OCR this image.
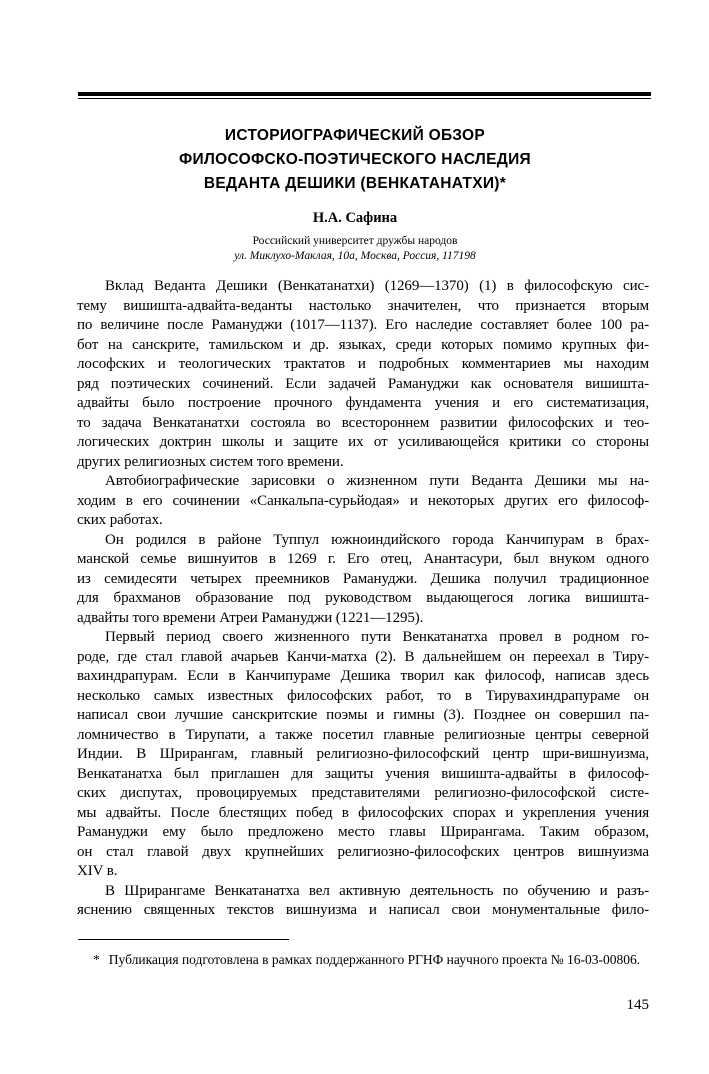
ИСТОРИОГРАФИЧЕСКИЙ ОБЗОР
ФИЛОСОФСКО-ПОЭТИЧЕСКОГО НАСЛЕДИЯ
ВЕДАНТА ДЕШИКИ (ВЕНКАТАНАТХИ)*
Н.А. Сафина
Российский университет дружбы народов
ул. Миклухо-Маклая, 10а, Москва, Россия, 117198
Вклад Веданта Дешики (Венкатанатхи) (1269—1370) (1) в философскую сис-
тему вишишта-адвайта-веданты настолько значителен, что признается вторым
по величине после Рамануджи (1017—1137). Его наследие составляет более 100 ра-
бот на санскрите, тамильском и др. языках, среди которых помимо крупных фи-
лософских и теологических трактатов и подробных комментариев мы находим
ряд поэтических сочинений. Если задачей Рамануджи как основателя вишишта-
адвайты было построение прочного фундамента учения и его систематизация,
то задача Венкатанатхи состояла во всестороннем развитии философских и тео-
логических доктрин школы и защите их от усиливающейся критики со стороны
других религиозных систем того времени.
Автобиографические зарисовки о жизненном пути Веданта Дешики мы на-
ходим в его сочинении «Санкальпа-сурьйодая» и некоторых других его философ-
ских работах.
Он родился в районе Туппул южноиндийского города Канчипурам в брах-
манской семье вишнуитов в 1269 г. Его отец, Анантасури, был внуком одного
из семидесяти четырех преемников Рамануджи. Дешика получил традиционное
для брахманов образование под руководством выдающегося логика вишишта-
адвайты того времени Атреи Рамануджи (1221—1295).
Первый период своего жизненного пути Венкатанатха провел в родном го-
роде, где стал главой ачарьев Канчи-матха (2). В дальнейшем он переехал в Тиру-
вахиндрапурам. Если в Канчипураме Дешика творил как философ, написав здесь
несколько самых известных философских работ, то в Тирувахиндрапураме он
написал свои лучшие санскритские поэмы и гимны (3). Позднее он совершил па-
ломничество в Тирупати, а также посетил главные религиозные центры северной
Индии. В Шрирангам, главный религиозно-философский центр шри-вишнуизма,
Венкатанатха был приглашен для защиты учения вишишта-адвайты в философ-
ских диспутах, провоцируемых представителями религиозно-философской систе-
мы адвайты. После блестящих побед в философских спорах и укрепления учения
Рамануджи ему было предложено место главы Шрирангама. Таким образом,
он стал главой двух крупнейших религиозно-философских центров вишнуизма
XIV в.
В Шрирангаме Венкатанатха вел активную деятельность по обучению и разъ-
яснению священных текстов вишнуизма и написал свои монументальные фило-
* Публикация подготовлена в рамках поддержанного РГНФ научного проекта № 16-03-00806.
145
